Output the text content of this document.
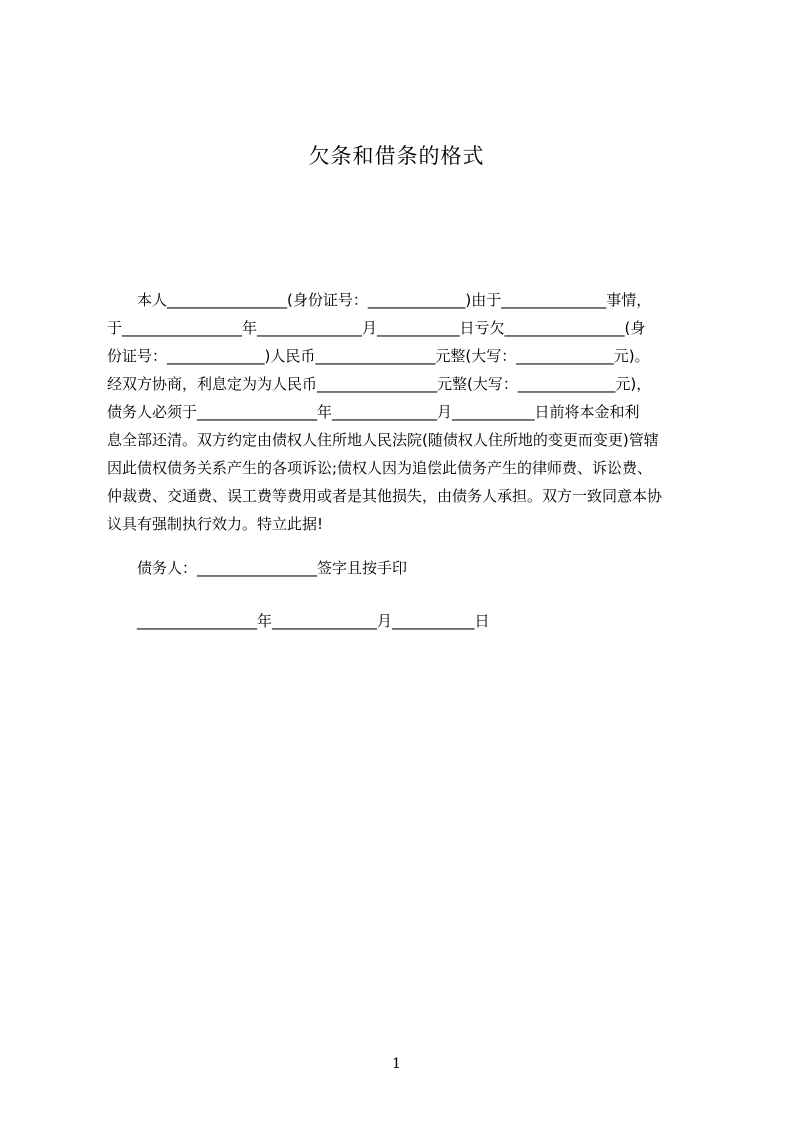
欠条和借条的格式
　　本人________________(身份证号：_____________)由于______________事情，
于________________年______________月___________日亏欠________________(身
份证号：_____________)人民币________________元整(大写：_____________元)。
经双方协商，利息定为为人民币________________元整(大写：_____________元)，
债务人必须于________________年______________月___________日前将本金和利
息全部还清。双方约定由债权人住所地人民法院(随债权人住所地的变更而变更)管辖
因此债权债务关系产生的各项诉讼;债权人因为追偿此债务产生的律师费、诉讼费、
仲裁费、交通费、误工费等费用或者是其他损失，由债务人承担。双方一致同意本协
议具有强制执行效力。特立此据!
债务人：________________签字且按手印
________________年______________月___________日
1
